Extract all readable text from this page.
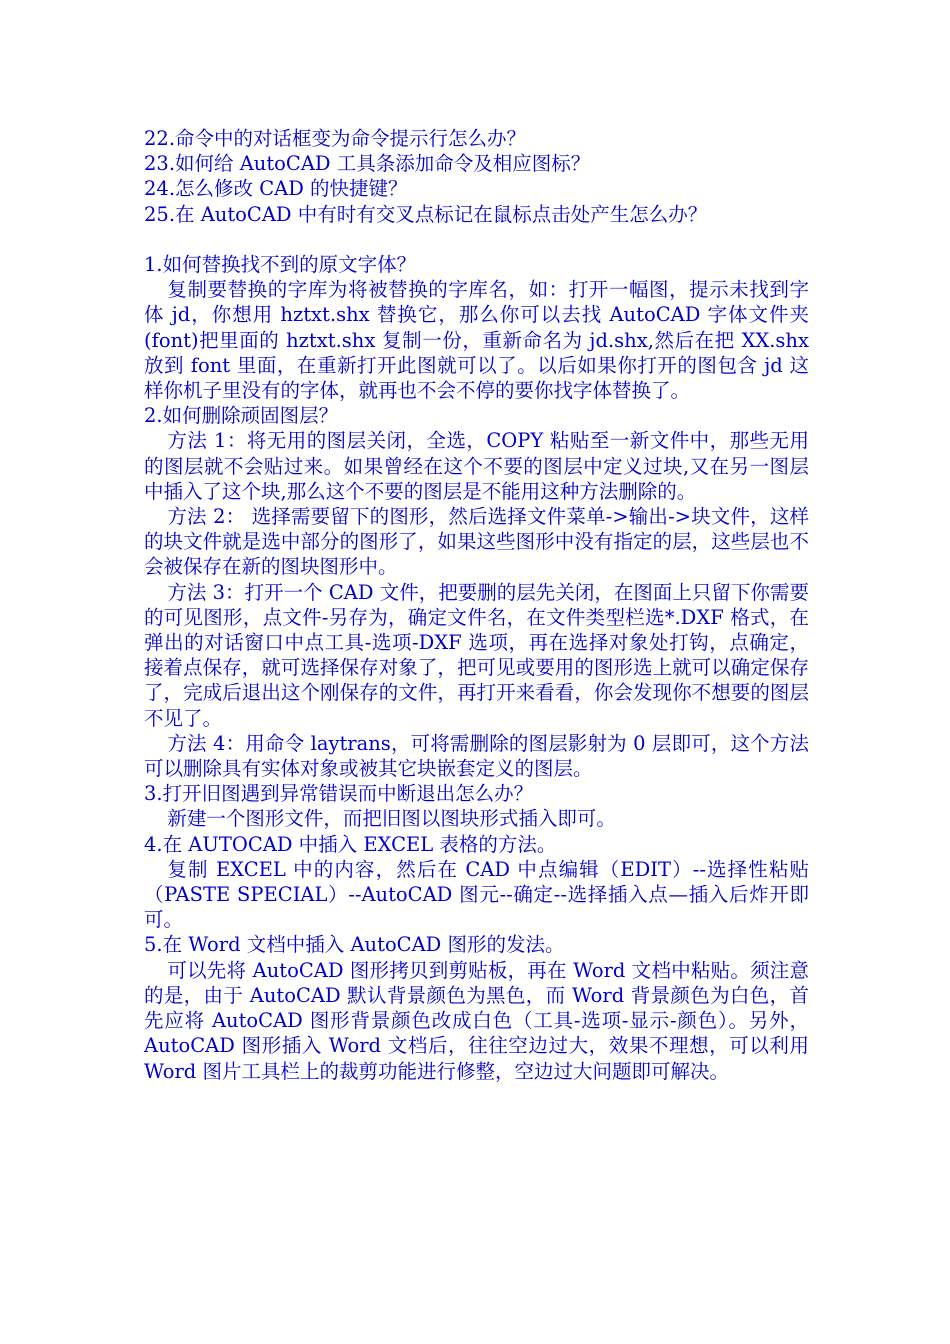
22.命令中的对话框变为命令提示行怎么办？
23.如何给 AutoCAD 工具条添加命令及相应图标？
24.怎么修改 CAD 的快捷键？
25.在 AutoCAD 中有时有交叉点标记在鼠标点击处产生怎么办？
1.如何替换找不到的原文字体？

复制要替换的字库为将被替换的字库名，如：打开一幅图，提示未找到字体 jd，你想用 hztxt.shx 替换它，那么你可以去找 AutoCAD 字体文件夹(font)把里面的 hztxt.shx 复制一份，重新命名为 jd.shx,然后在把 XX.shx 放到 font 里面，在重新打开此图就可以了。以后如果你打开的图包含 jd 这样你机子里没有的字体，就再也不会不停的要你找字体替换了。

2.如何删除顽固图层？

方法 1：将无用的图层关闭，全选，COPY 粘贴至一新文件中，那些无用的图层就不会贴过来。如果曾经在这个不要的图层中定义过块,又在另一图层中插入了这个块,那么这个不要的图层是不能用这种方法删除的。

方法 2： 选择需要留下的图形，然后选择文件菜单->输出->块文件，这样的块文件就是选中部分的图形了，如果这些图形中没有指定的层，这些层也不会被保存在新的图块图形中。

方法 3：打开一个 CAD 文件，把要删的层先关闭，在图面上只留下你需要的可见图形，点文件-另存为，确定文件名，在文件类型栏选*.DXF 格式，在弹出的对话窗口中点工具-选项-DXF 选项，再在选择对象处打钩，点确定，接着点保存，就可选择保存对象了，把可见或要用的图形选上就可以确定保存了，完成后退出这个刚保存的文件，再打开来看看，你会发现你不想要的图层不见了。

方法 4：用命令 laytrans，可将需删除的图层影射为 0 层即可，这个方法可以删除具有实体对象或被其它块嵌套定义的图层。

3.打开旧图遇到异常错误而中断退出怎么办？

新建一个图形文件，而把旧图以图块形式插入即可。

4.在 AUTOCAD 中插入 EXCEL 表格的方法。

复制 EXCEL 中的内容，然后在 CAD 中点编辑（EDIT）--选择性粘贴（PASTE SPECIAL）--AutoCAD 图元--确定--选择插入点—插入后炸开即可。

5.在 Word 文档中插入 AutoCAD 图形的发法。

可以先将 AutoCAD 图形拷贝到剪贴板，再在 Word 文档中粘贴。须注意的是，由于 AutoCAD 默认背景颜色为黑色，而 Word 背景颜色为白色，首先应将 AutoCAD 图形背景颜色改成白色（工具-选项-显示-颜色）。另外，AutoCAD 图形插入 Word 文档后，往往空边过大，效果不理想，可以利用 Word 图片工具栏上的裁剪功能进行修整，空边过大问题即可解决。
